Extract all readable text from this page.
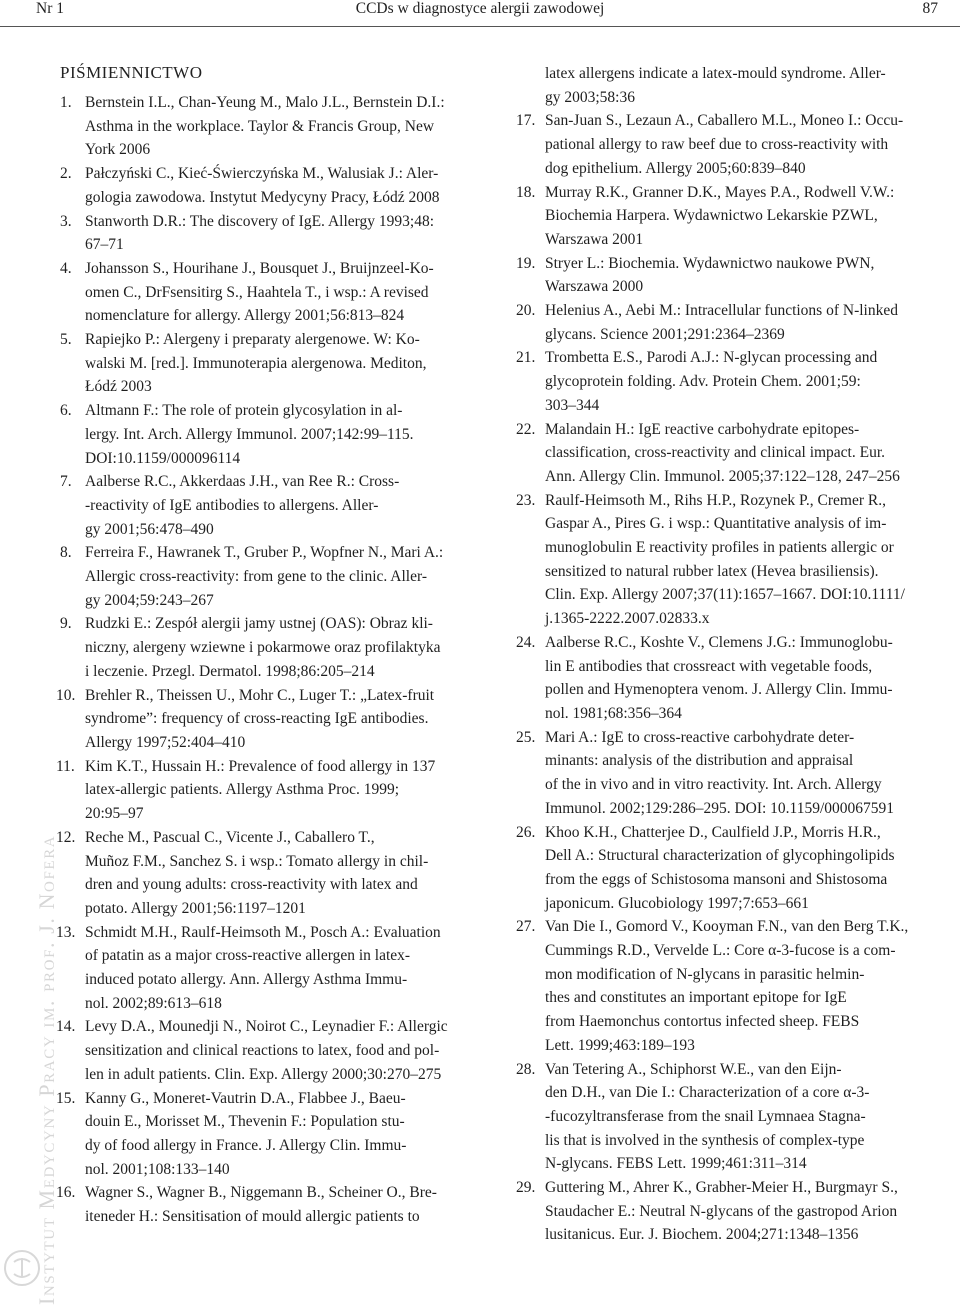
Nr 1	CCDs w diagnostyce alergii zawodowej	87
Instytut Medycyny Pracy im. prof. J. Nofera
PIŚMIENNICTWO
1. Bernstein I.L., Chan-Yeung M., Malo J.L., Bernstein D.I.:
Asthma in the workplace. Taylor & Francis Group, New
York 2006
2. Pałczyński C., Kieć-Świerczyńska M., Walusiak J.: Aler-
gologia zawodowa. Instytut Medycyny Pracy, Łódź 2008
3. Stanworth D.R.: The discovery of IgE. Allergy 1993;48:
67–71
4. Johansson S., Hourihane J., Bousquet J., Bruijnzeel-Ko-
omen C., DrFsensitirg S., Haahtela T., i wsp.: A revised
nomenclature for allergy. Allergy 2001;56:813–824
5. Rapiejko P.: Alergeny i preparaty alergenowe. W: Ko-
walski M. [red.]. Immunoterapia alergenowa. Mediton,
Łódź 2003
6. Altmann F.: The role of protein glycosylation in al-
lergy. Int. Arch. Allergy Immunol. 2007;142:99–115.
DOI:10.1159/000096114
7. Aalberse R.C., Akkerdaas J.H., van Ree R.: Cross-
-reactivity of IgE antibodies to allergens. Aller-
gy 2001;56:478–490
8. Ferreira F., Hawranek T., Gruber P., Wopfner N., Mari A.:
Allergic cross-reactivity: from gene to the clinic. Aller-
gy 2004;59:243–267
9. Rudzki E.: Zespół alergii jamy ustnej (OAS): Obraz kli-
niczny, alergeny wziewne i pokarmowe oraz profilaktyka
i leczenie. Przegl. Dermatol. 1998;86:205–214
10. Brehler R., Theissen U., Mohr C., Luger T.: „Latex-fruit
syndrome”: frequency of cross-reacting IgE antibodies.
Allergy 1997;52:404–410
11. Kim K.T., Hussain H.: Prevalence of food allergy in 137
latex-allergic patients. Allergy Asthma Proc. 1999;
20:95–97
12. Reche M., Pascual C., Vicente J., Caballero T.,
Muñoz F.M., Sanchez S. i wsp.: Tomato allergy in chil-
dren and young adults: cross-reactivity with latex and
potato. Allergy 2001;56:1197–1201
13. Schmidt M.H., Raulf-Heimsoth M., Posch A.: Evaluation
of patatin as a major cross-reactive allergen in latex-
induced potato allergy. Ann. Allergy Asthma Immu-
nol. 2002;89:613–618
14. Levy D.A., Mounedji N., Noirot C., Leynadier F.: Allergic
sensitization and clinical reactions to latex, food and pol-
len in adult patients. Clin. Exp. Allergy 2000;30:270–275
15. Kanny G., Moneret-Vautrin D.A., Flabbee J., Baeu-
douin E., Morisset M., Thevenin F.: Population stu-
dy of food allergy in France. J. Allergy Clin. Immu-
nol. 2001;108:133–140
16. Wagner S., Wagner B., Niggemann B., Scheiner O., Bre-
iteneder H.: Sensitisation of mould allergic patients to
latex allergens indicate a latex-mould syndrome. Aller-
gy 2003;58:36
17. San-Juan S., Lezaun A., Caballero M.L., Moneo I.: Occu-
pational allergy to raw beef due to cross-reactivity with
dog epithelium. Allergy 2005;60:839–840
18. Murray R.K., Granner D.K., Mayes P.A., Rodwell V.W.:
Biochemia Harpera. Wydawnictwo Lekarskie PZWL,
Warszawa 2001
19. Stryer L.: Biochemia. Wydawnictwo naukowe PWN,
Warszawa 2000
20. Helenius A., Aebi M.: Intracellular functions of N-linked
glycans. Science 2001;291:2364–2369
21. Trombetta E.S., Parodi A.J.: N-glycan processing and
glycoprotein folding. Adv. Protein Chem. 2001;59:
303–344
22. Malandain H.: IgE reactive carbohydrate epitopes-
classification, cross-reactivity and clinical impact. Eur.
Ann. Allergy Clin. Immunol. 2005;37:122–128, 247–256
23. Raulf-Heimsoth M., Rihs H.P., Rozynek P., Cremer R.,
Gaspar A., Pires G. i wsp.: Quantitative analysis of im-
munoglobulin E reactivity profiles in patients allergic or
sensitized to natural rubber latex (Hevea brasiliensis).
Clin. Exp. Allergy 2007;37(11):1657–1667. DOI:10.1111/
j.1365-2222.2007.02833.x
24. Aalberse R.C., Koshte V., Clemens J.G.: Immunoglobu-
lin E antibodies that crossreact with vegetable foods,
pollen and Hymenoptera venom. J. Allergy Clin. Immu-
nol. 1981;68:356–364
25. Mari A.: IgE to cross-reactive carbohydrate deter-
minants: analysis of the distribution and appraisal
of the in vivo and in vitro reactivity. Int. Arch. Allergy
Immunol. 2002;129:286–295. DOI: 10.1159/000067591
26. Khoo K.H., Chatterjee D., Caulfield J.P., Morris H.R.,
Dell A.: Structural characterization of glycophingolipids
from the eggs of Schistosoma mansoni and Shistosoma
japonicum. Glucobiology 1997;7:653–661
27. Van Die I., Gomord V., Kooyman F.N., van den Berg T.K.,
Cummings R.D., Vervelde L.: Core α-3-fucose is a com-
mon modification of N-glycans in parasitic helmin-
thes and constitutes an important epitope for IgE
from Haemonchus contortus infected sheep. FEBS
Lett. 1999;463:189–193
28. Van Tetering A., Schiphorst W.E., van den Eijn-
den D.H., van Die I.: Characterization of a core α-3-
-fucozyltransferase from the snail Lymnaea Stagna-
lis that is involved in the synthesis of complex-type
N-glycans. FEBS Lett. 1999;461:311–314
29. Guttering M., Ahrer K., Grabher-Meier H., Burgmayr S.,
Staudacher E.: Neutral N-glycans of the gastropod Arion
lusitanicus. Eur. J. Biochem. 2004;271:1348–1356
